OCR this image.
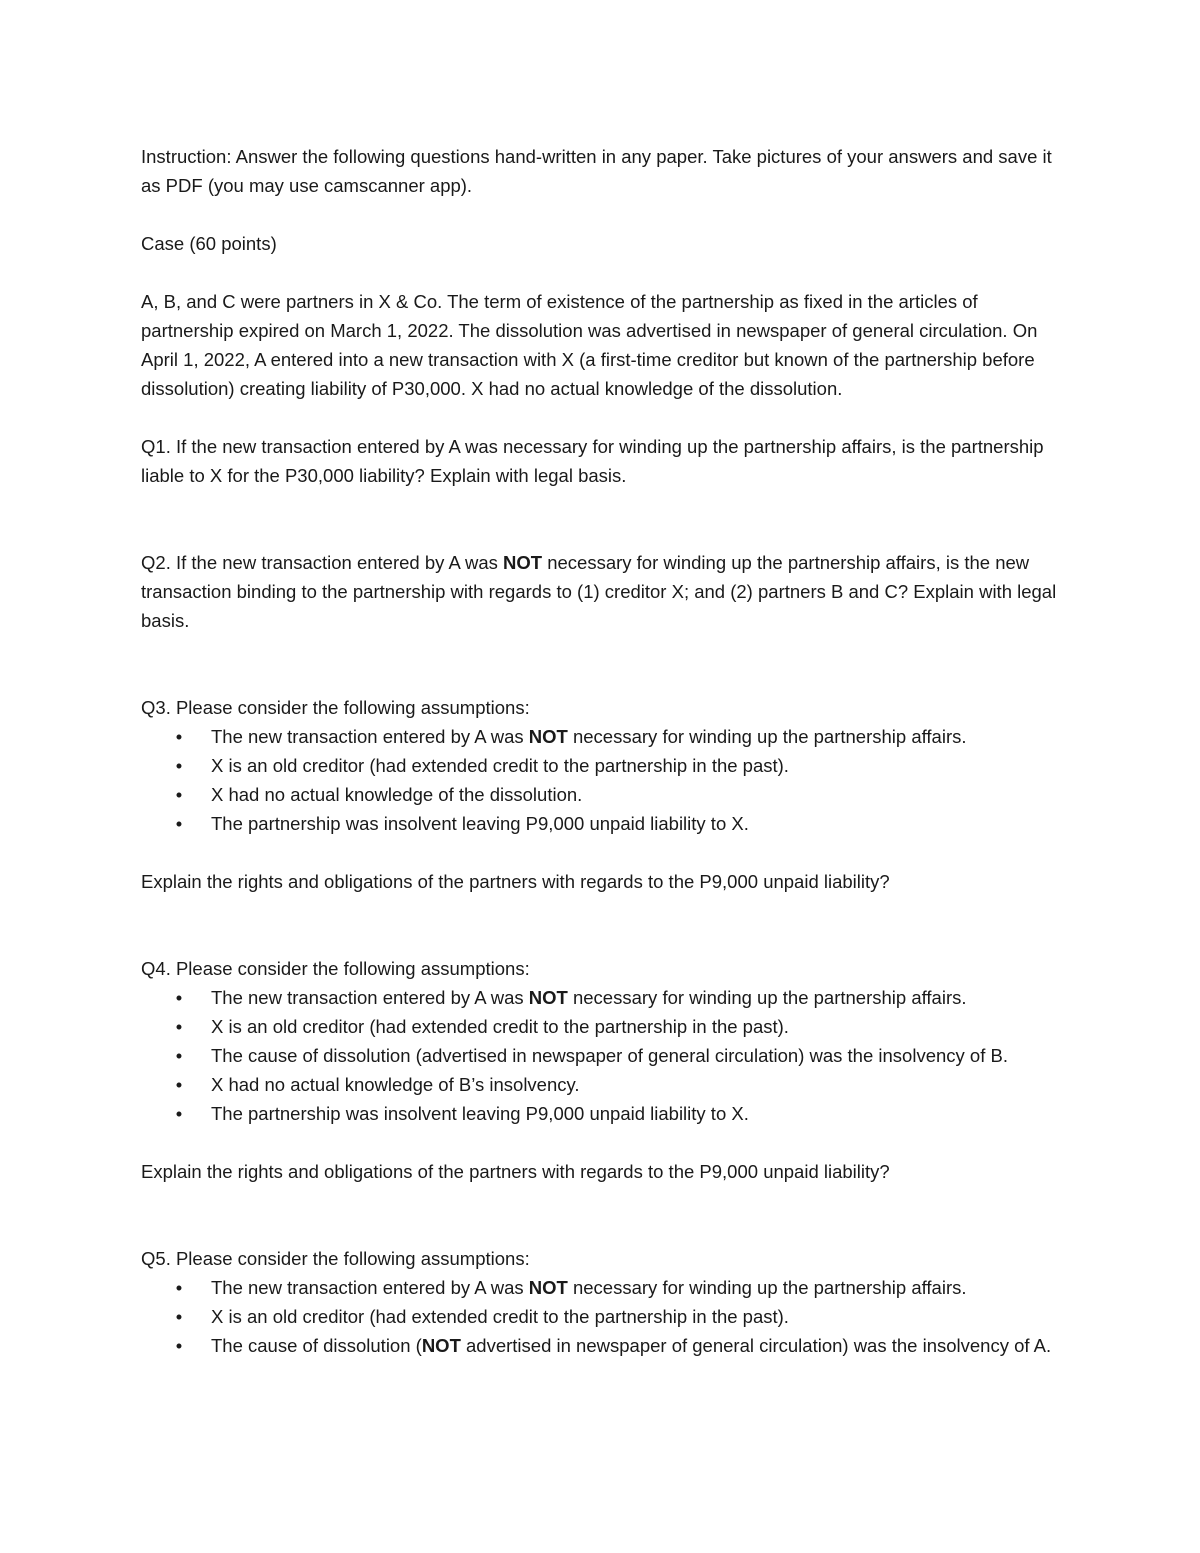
Instruction: Answer the following questions hand-written in any paper. Take pictures of your answers and save it as PDF (you may use camscanner app).

Case (60 points)

A, B, and C were partners in X & Co. The term of existence of the partnership as fixed in the articles of partnership expired on March 1, 2022. The dissolution was advertised in newspaper of general circulation. On April 1, 2022, A entered into a new transaction with X (a first-time creditor but known of the partnership before dissolution) creating liability of P30,000. X had no actual knowledge of the dissolution.

Q1. If the new transaction entered by A was necessary for winding up the partnership affairs, is the partnership liable to X for the P30,000 liability? Explain with legal basis.

Q2. If the new transaction entered by A was NOT necessary for winding up the partnership affairs, is the new transaction binding to the partnership with regards to (1) creditor X; and (2) partners B and C? Explain with legal basis.

Q3. Please consider the following assumptions:

• The new transaction entered by A was NOT necessary for winding up the partnership affairs.
• X is an old creditor (had extended credit to the partnership in the past).
• X had no actual knowledge of the dissolution.
• The partnership was insolvent leaving P9,000 unpaid liability to X.

Explain the rights and obligations of the partners with regards to the P9,000 unpaid liability?

Q4. Please consider the following assumptions:

• The new transaction entered by A was NOT necessary for winding up the partnership affairs.
• X is an old creditor (had extended credit to the partnership in the past).
• The cause of dissolution (advertised in newspaper of general circulation) was the insolvency of B.
• X had no actual knowledge of B’s insolvency.
• The partnership was insolvent leaving P9,000 unpaid liability to X.

Explain the rights and obligations of the partners with regards to the P9,000 unpaid liability?

Q5. Please consider the following assumptions:

• The new transaction entered by A was NOT necessary for winding up the partnership affairs.
• X is an old creditor (had extended credit to the partnership in the past).
• The cause of dissolution (NOT advertised in newspaper of general circulation) was the insolvency of A.
